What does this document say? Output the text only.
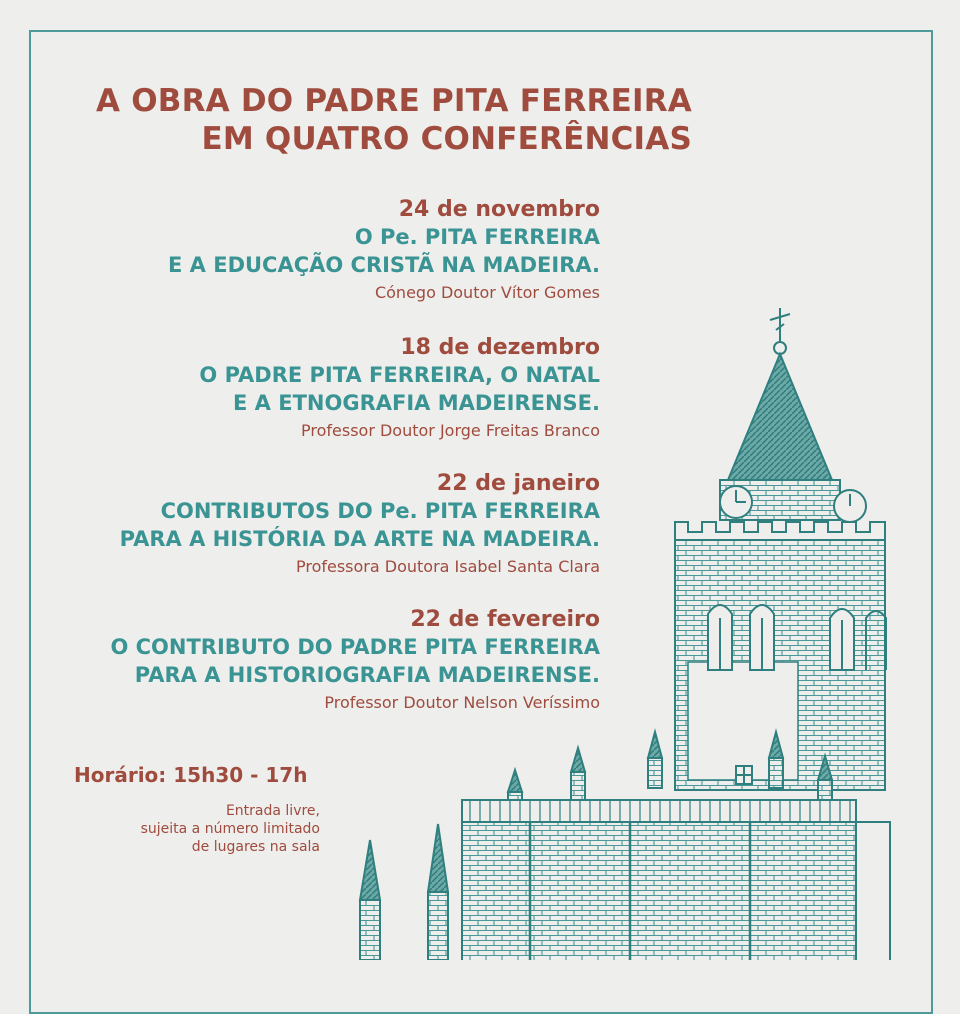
A OBRA DO PADRE PITA FERREIRA
EM QUATRO CONFERÊNCIAS
24 de novembro
O Pe. PITA FERREIRA
E A EDUCAÇÃO CRISTÃ NA MADEIRA.
Cónego Doutor Vítor Gomes
18 de dezembro
O PADRE PITA FERREIRA, O NATAL
E A ETNOGRAFIA MADEIRENSE.
Professor Doutor Jorge Freitas Branco
22 de janeiro
CONTRIBUTOS DO Pe. PITA FERREIRA
PARA A HISTÓRIA DA ARTE NA MADEIRA.
Professora Doutora Isabel Santa Clara
22 de fevereiro
O CONTRIBUTO DO PADRE PITA FERREIRA
PARA A HISTORIOGRAFIA MADEIRENSE.
Professor Doutor Nelson Veríssimo
Horário: 15h30 - 17h
Entrada livre,
sujeita a número limitado
de lugares na sala
